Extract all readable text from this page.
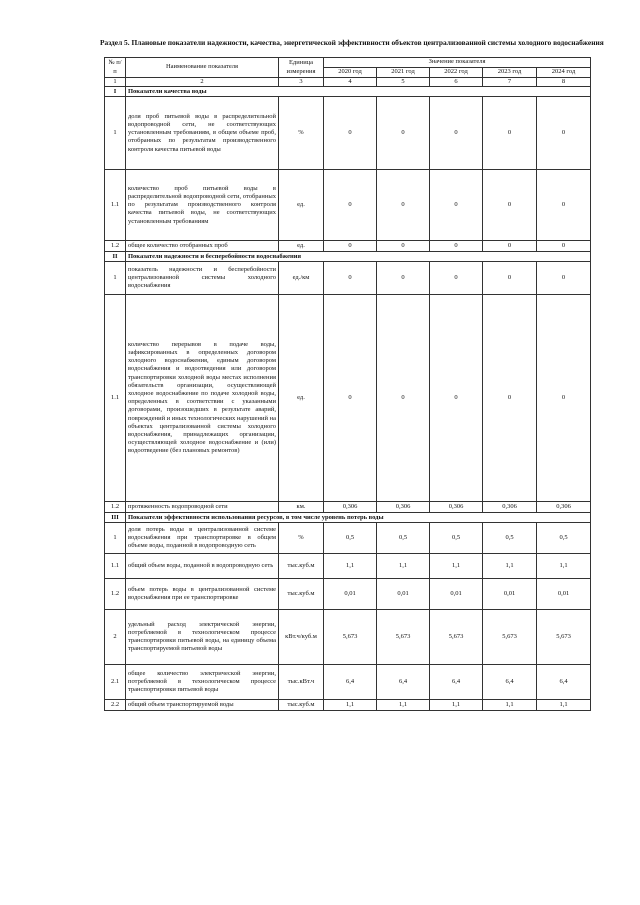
Раздел 5. Плановые показатели надежности, качества, энергетической эффективности объектов централизованной системы холодного водоснабжения
№ п/п	Наименование показателя	Единица измерения	Значение показателя				
			2020 год	2021 год	2022 год	2023 год	2024 год
1	2	3	4	5	6	7	8
I	Показатели качества воды						
1	доля проб питьевой воды в распределительной водопроводной сети, не соответствующих установленным требованиям, в общем объеме проб, отобранных по результатам производственного контроля качества питьевой воды	%	0	0	0	0	0
1.1	количество проб питьевой воды в распределительной водопроводной сети, отобранных по результатам производственного контроля качества питьевой воды, не соответствующих установленным требованиям	ед.	0	0	0	0	0
1.2	общее количество отобранных проб	ед.	0	0	0	0	0
II	Показатели надежности и бесперебойности водоснабжения						
1	показатель надежности и бесперебойности централизованной системы холодного водоснабжения	ед./км	0	0	0	0	0
1.1	количество перерывов в подаче воды, зафиксированных в определенных договором холодного водоснабжения, единым договором водоснабжения и водоотведения или договором транспортировки холодной воды местах исполнения обязательств организации, осуществляющей холодное водоснабжение по подаче холодной воды, определенных в соответствии с указанными договорами, произошедших в результате аварий, повреждений и иных технологических нарушений на объектах централизованной системы холодного водоснабжения, принадлежащих организации, осуществляющей холодное водоснабжение и (или) водоотведение (без плановых ремонтов)	ед.	0	0	0	0	0
1.2	протяженность водопроводной сети	км.	0,306	0,306	0,306	0,306	0,306
III	Показатели эффективности использования ресурсов, в том числе уровень потерь воды						
1	доля потерь воды в централизованной системе водоснабжения при транспортировке в общем объеме воды, поданной в водопроводную сеть	%	0,5	0,5	0,5	0,5	0,5
1.1	общий объем воды, поданной в водопроводную сеть	тыс.куб.м	1,1	1,1	1,1	1,1	1,1
1.2	объем потерь воды в централизованной системе водоснабжения при ее транспортировке	тыс.куб.м	0,01	0,01	0,01	0,01	0,01
2	удельный расход электрической энергии, потребляемой в технологическом процессе транспортировки питьевой воды, на единицу объема транспортируемой питьевой воды	кВт.ч/куб.м	5,673	5,673	5,673	5,673	5,673
2.1	общее количество электрической энергии, потребляемой в технологическом процессе транспортировки питьевой воды	тыс.кВт.ч	6,4	6,4	6,4	6,4	6,4
2.2	общий объем транспортируемой воды	тыс.куб.м	1,1	1,1	1,1	1,1	1,1
